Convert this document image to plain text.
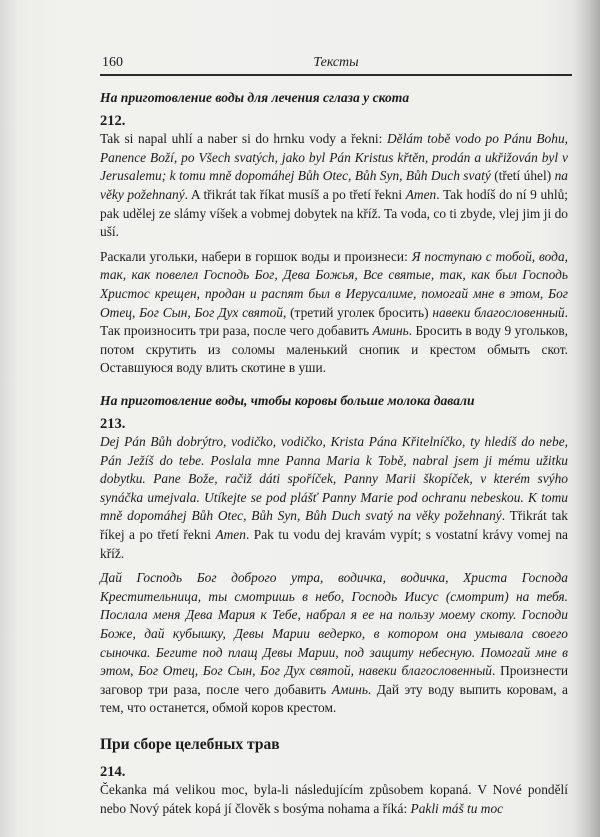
160	Тексты
На приготовление воды для лечения сглаза у скота
212.

Tak si napal uhlí a naber si do hrnku vody a řekni: Dělám tobě vodo po Pánu Bohu, Panence Boží, po Všech svatých, jako byl Pán Kristus křtěn, prodán a ukřižován byl v Jerusalemu; k tomu mně dopomáhej Bůh Otec, Bůh Syn, Bůh Duch svatý (třetí úhel) na věky požehnaný. A třikrát tak říkat musíš a po třetí řekni Amen. Tak hodíš do ní 9 uhlů; pak udělej ze slámy víšek a vobmej dobytek na kříž. Ta voda, co ti zbyde, vlej jim ji do uší.

Раскали угольки, набери в горшок воды и произнеси: Я поступаю с тобой, вода, так, как повелел Господь Бог, Дева Божья, Все святые, так, как был Господь Христос крещен, продан и распят был в Иерусалиме, помогай мне в этом, Бог Отец, Бог Сын, Бог Дух святой, (третий уголек бросить) навеки благословенный. Так произносить три раза, после чего добавить Аминь. Бросить в воду 9 угольков, потом скрутить из соломы маленький снопик и крестом обмыть скот. Оставшуюся воду влить скотине в уши.

На приготовление воды, чтобы коровы больше молока давали
213.

Dej Pán Bůh dobrýtro, vodičko, vodičko, Krista Pána Křitelníčko, ty hledíš do nebe, Pán Ježíš do tebe. Poslala mne Panna Maria k Tobě, nabral jsem ji mému užitku dobytku. Pane Bože, račiž dáti spoříček, Panny Marii škopíček, v kterém svýho synáčka umejvala. Utíkejte se pod plášť Panny Marie pod ochranu nebeskou. K tomu mně dopomáhej Bůh Otec, Bůh Syn, Bůh Duch svatý na věky požehnaný. Třikrát tak říkej a po třetí řekni Amen. Pak tu vodu dej kravám vypít; s vostatní krávy vomej na kříž.

Дай Господь Бог доброго утра, водичка, водичка, Христа Господа Крестительница, ты смотришь в небо, Господь Иисус (смотрит) на тебя. Послала меня Дева Мария к Тебе, набрал я ее на пользу моему скоту. Господи Боже, дай кубышку, Девы Марии ведерко, в котором она умывала своего сыночка. Бегите под плащ Девы Марии, под защиту небесную. Помогай мне в этом, Бог Отец, Бог Сын, Бог Дух святой, навеки благословенный. Произнести заговор три раза, после чего добавить Аминь. Дай эту воду выпить коровам, а тем, что останется, обмой коров крестом.

При сборе целебных трав
214.

Čekanka má velikou moc, byla-li následujícím způsobem kopaná. V Nové pondělí nebo Nový pátek kopá jí člověk s bosýma nohama a říká: Pakli máš tu moc
